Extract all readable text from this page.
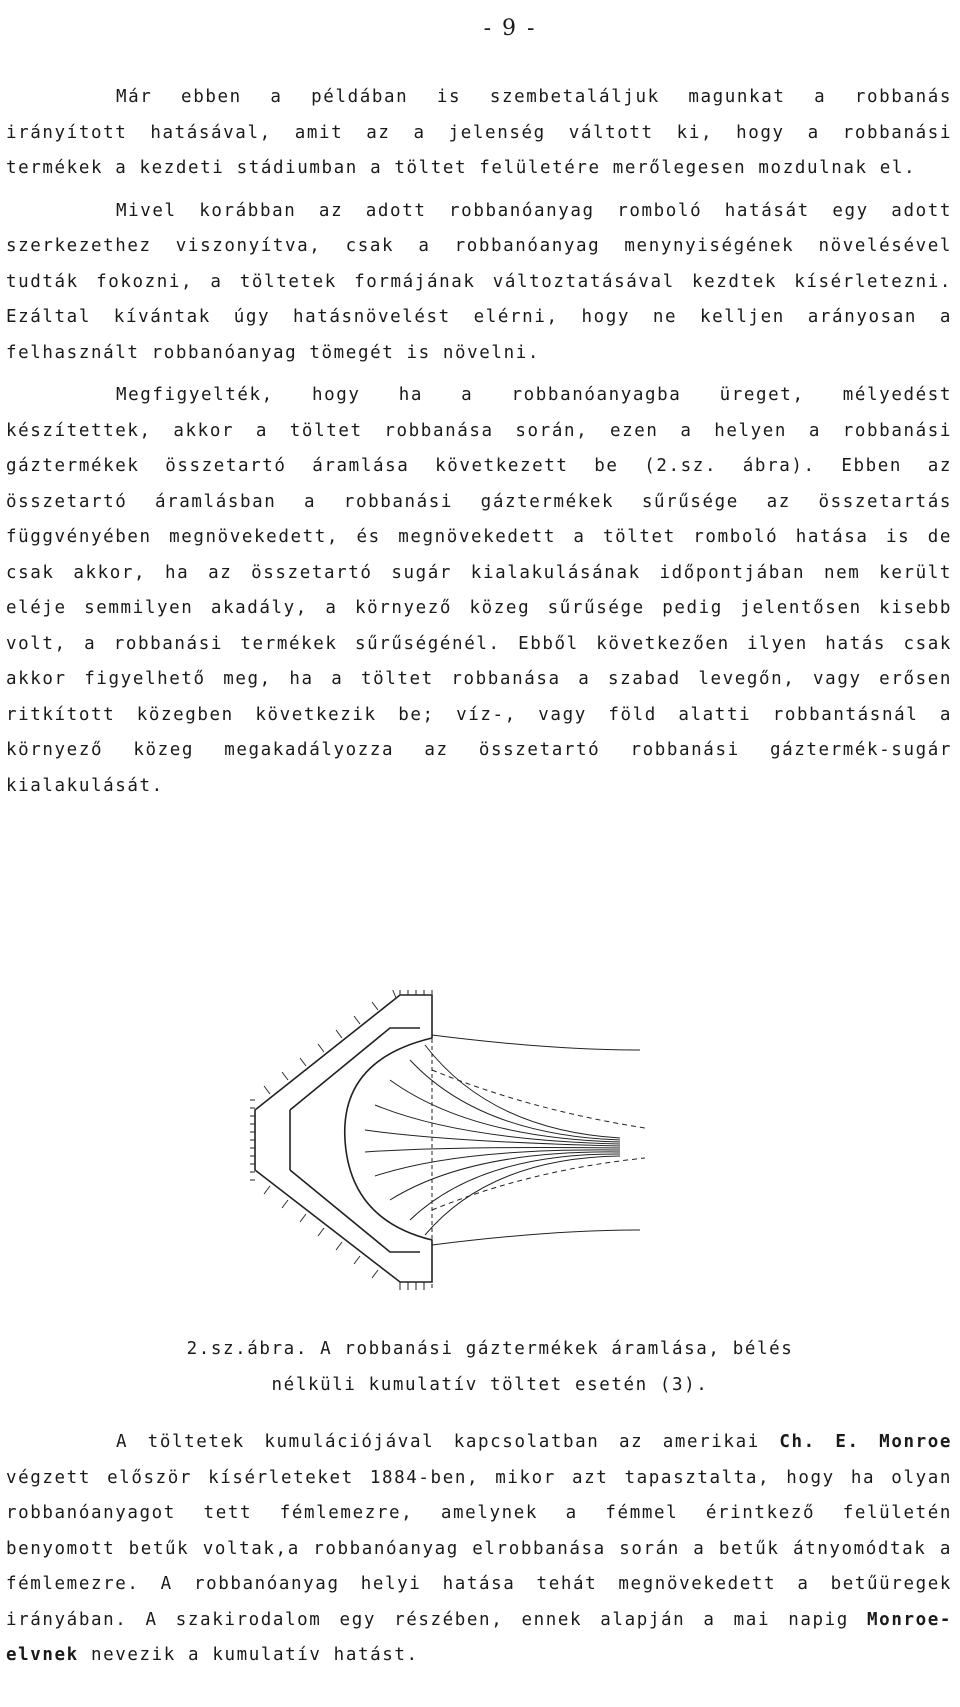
- 9 -

Már ebben a példában is szembetaláljuk magunkat a robbanás irányított hatásával, amit az a jelenség váltott ki, hogy a robbanási termékek a kezdeti stádiumban a töltet felületére merőlegesen mozdulnak el.

Mivel korábban az adott robbanóanyag romboló hatását egy adott szerkezethez viszonyítva, csak a robbanóanyag menynyiségének növelésével tudták fokozni, a töltetek formájának változtatásával kezdtek kísérletezni. Ezáltal kívántak úgy hatásnövelést elérni, hogy ne kelljen arányosan a felhasznált robbanóanyag tömegét is növelni.

Megfigyelték, hogy ha a robbanóanyagba üreget, mélyedést készítettek, akkor a töltet robbanása során, ezen a helyen a robbanási gáztermékek összetartó áramlása következett be (2.sz. ábra). Ebben az összetartó áramlásban a robbanási gáztermékek sűrűsége az összetartás függvényében megnövekedett, és megnövekedett a töltet romboló hatása is de csak akkor, ha az összetartó sugár kialakulásának időpontjában nem került eléje semmilyen akadály, a környező közeg sűrűsége pedig jelentősen kisebb volt, a robbanási termékek sűrűségénél. Ebből következően ilyen hatás csak akkor figyelhető meg, ha a töltet robbanása a szabad levegőn, vagy erősen ritkított közegben következik be; víz-, vagy föld alatti robbantásnál a környező közeg megakadályozza az összetartó robbanási gáztermék-sugár kialakulását.

2.sz.ábra. A robbanási gáztermékek áramlása, bélés
nélküli kumulatív töltet esetén (3).

A töltetek kumulációjával kapcsolatban az amerikai Ch. E. Monroe végzett először kísérleteket 1884-ben, mikor azt tapasztalta, hogy ha olyan robbanóanyagot tett fémlemezre, amelynek a fémmel érintkező felületén benyomott betűk voltak,a robbanóanyag elrobbanása során a betűk átnyomódtak a fémlemezre. A robbanóanyag helyi hatása tehát megnövekedett a betűüregek irányában. A szakirodalom egy részében, ennek alapján a mai napig Monroe-elvnek nevezik a kumulatív hatást.
